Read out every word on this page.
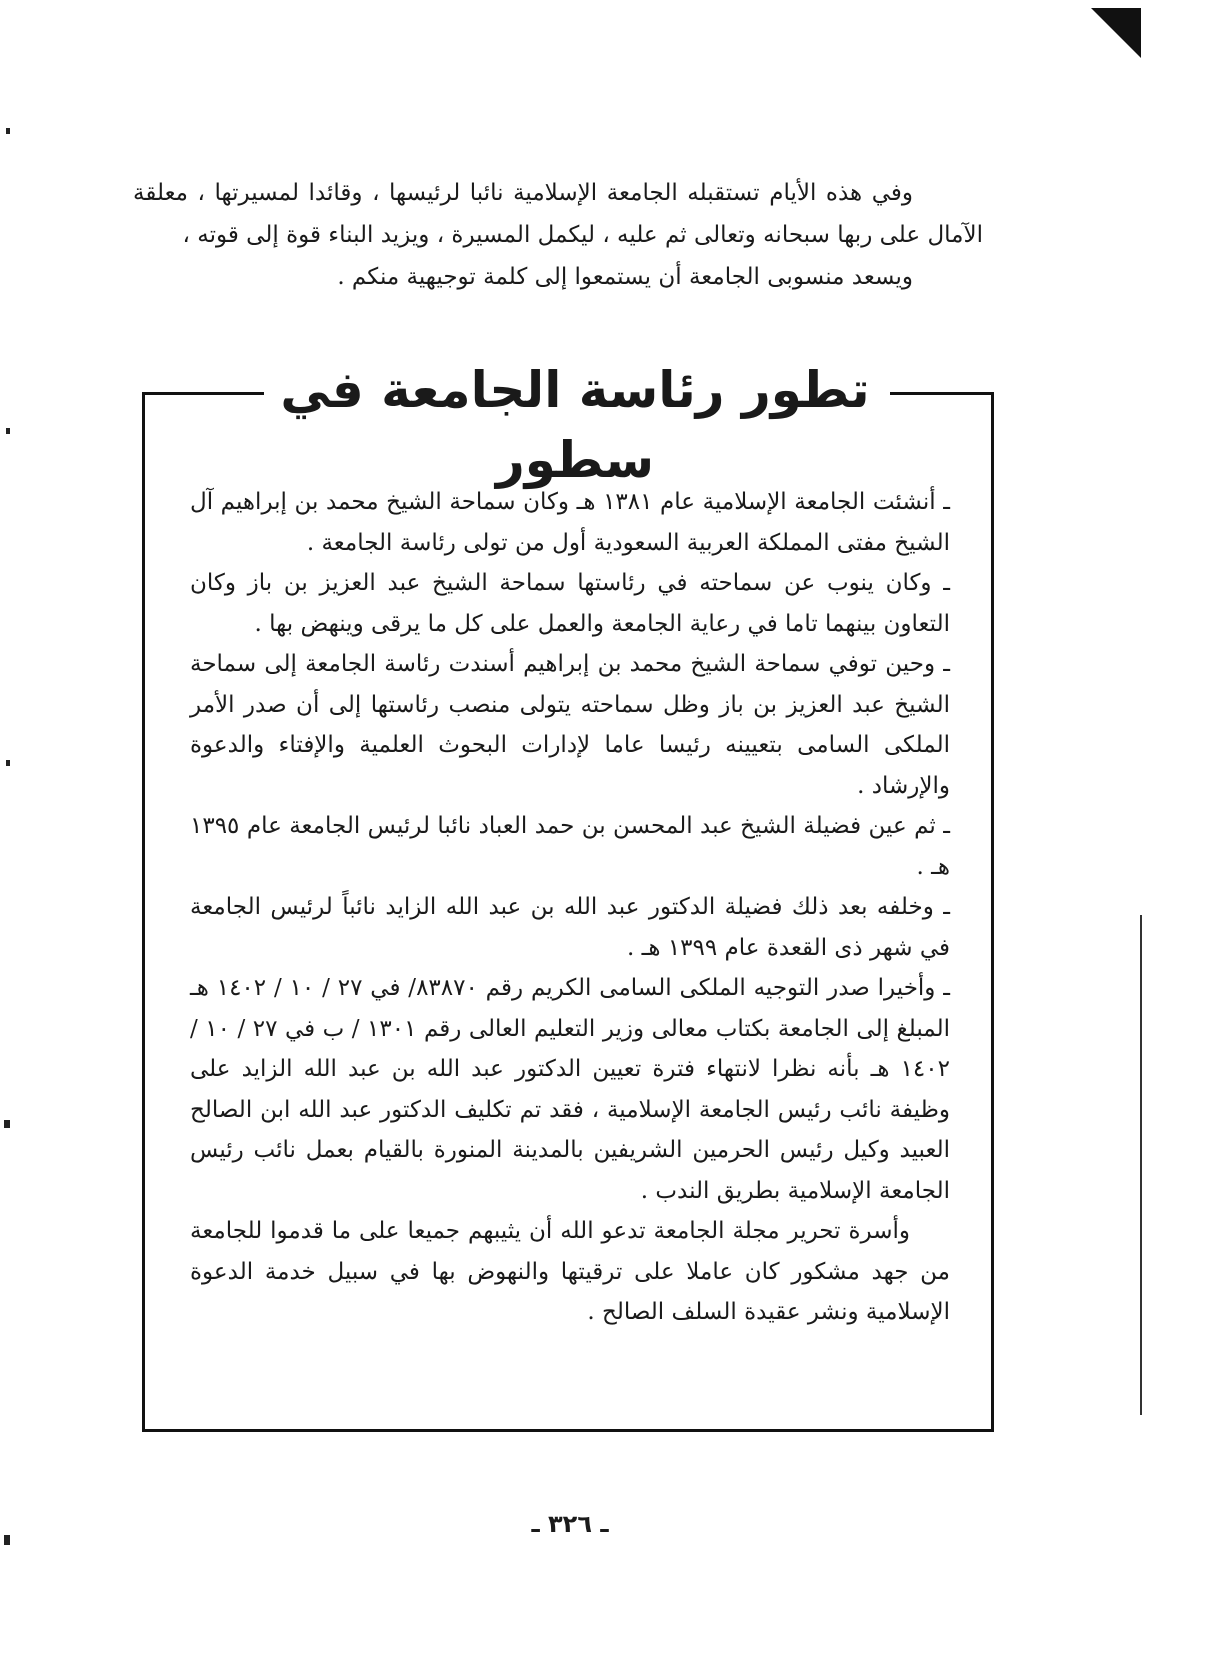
وفي هذه الأيام تستقبله الجامعة الإسلامية نائبا لرئيسها ، وقائدا لمسيرتها ، معلقة الآمال على ربها سبحانه وتعالى ثم عليه ، ليكمل المسيرة ، ويزيد البناء قوة إلى قوته ،

ويسعد منسوبى الجامعة أن يستمعوا إلى كلمة توجيهية منكم .

تطور رئاسة الجامعة في سطور

ـ أنشئت الجامعة الإسلامية عام ١٣٨١ هـ وكان سماحة الشيخ محمد بن إبراهيم آل الشيخ مفتى المملكة العربية السعودية أول من تولى رئاسة الجامعة .

ـ وكان ينوب عن سماحته في رئاستها سماحة الشيخ عبد العزيز بن باز وكان التعاون بينهما تاما في رعاية الجامعة والعمل على كل ما يرقى وينهض بها .

ـ وحين توفي سماحة الشيخ محمد بن إبراهيم أسندت رئاسة الجامعة إلى سماحة الشيخ عبد العزيز بن باز وظل سماحته يتولى منصب رئاستها إلى أن صدر الأمر الملكى السامى بتعيينه رئيسا عاما لإدارات البحوث العلمية والإفتاء والدعوة والإرشاد .

ـ ثم عين فضيلة الشيخ عبد المحسن بن حمد العباد نائبا لرئيس الجامعة عام ١٣٩٥ هـ .

ـ وخلفه بعد ذلك فضيلة الدكتور عبد الله بن عبد الله الزايد نائباً لرئيس الجامعة في شهر ذى القعدة عام ١٣٩٩ هـ .

ـ وأخيرا صدر التوجيه الملكى السامى الكريم رقم ٨٣٨٧٠/ في ٢٧ / ١٠ / ١٤٠٢ هـ المبلغ إلى الجامعة بكتاب معالى وزير التعليم العالى رقم ١٣٠١ / ب في ٢٧ / ١٠ / ١٤٠٢ هـ بأنه نظرا لانتهاء فترة تعيين الدكتور عبد الله بن عبد الله الزايد على وظيفة نائب رئيس الجامعة الإسلامية ، فقد تم تكليف الدكتور عبد الله ابن الصالح العبيد وكيل رئيس الحرمين الشريفين بالمدينة المنورة بالقيام بعمل نائب رئيس الجامعة الإسلامية بطريق الندب .

وأسرة تحرير مجلة الجامعة تدعو الله أن يثيبهم جميعا على ما قدموا للجامعة من جهد مشكور كان عاملا على ترقيتها والنهوض بها في سبيل خدمة الدعوة الإسلامية ونشر عقيدة السلف الصالح .

ـ ٣٢٦ ـ
